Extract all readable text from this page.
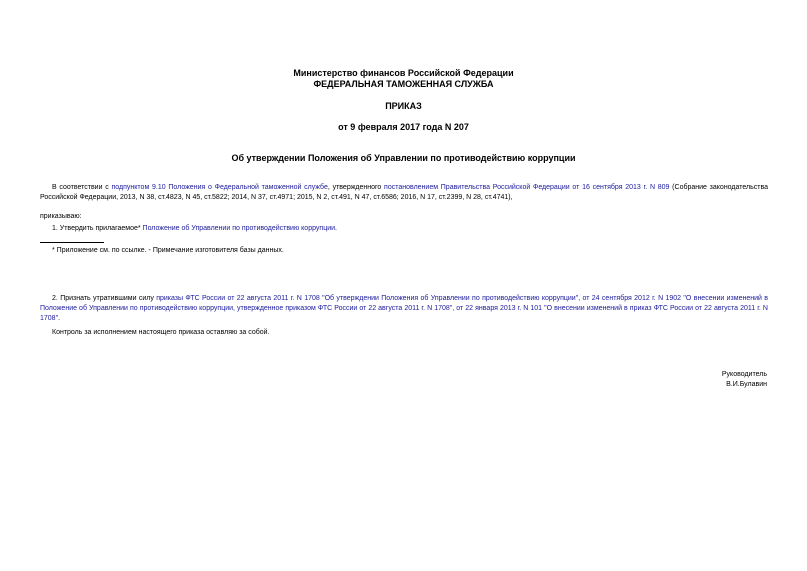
Министерство финансов Российской Федерации
ФЕДЕРАЛЬНАЯ ТАМОЖЕННАЯ СЛУЖБА
ПРИКАЗ
от 9 февраля 2017 года N 207
Об утверждении Положения об Управлении по противодействию коррупции
В соответствии с подпунктом 9.10 Положения о Федеральной таможенной службе, утвержденного постановлением Правительства Российской Федерации от 16 сентября 2013 г. N 809 (Собрание законодательства Российской Федерации, 2013, N 38, ст.4823, N 45, ст.5822; 2014, N 37, ст.4971; 2015, N 2, ст.491, N 47, ст.6586; 2016, N 17, ст.2399, N 28, ст.4741),
приказываю:
1. Утвердить прилагаемое* Положение об Управлении по противодействию коррупции.
* Приложение см. по ссылке. - Примечание изготовителя базы данных.
2. Признать утратившими силу приказы ФТС России от 22 августа 2011 г. N 1708 "Об утверждении Положения об Управлении по противодействию коррупции", от 24 сентября 2012 г. N 1902 "О внесении изменений в Положение об Управлении по противодействию коррупции, утвержденное приказом ФТС России от 22 августа 2011 г. N 1708", от 22 января 2013 г. N 101 "О внесении изменений в приказ ФТС России от 22 августа 2011 г. N 1708".
Контроль за исполнением настоящего приказа оставляю за собой.
Руководитель
В.И.Булавин
